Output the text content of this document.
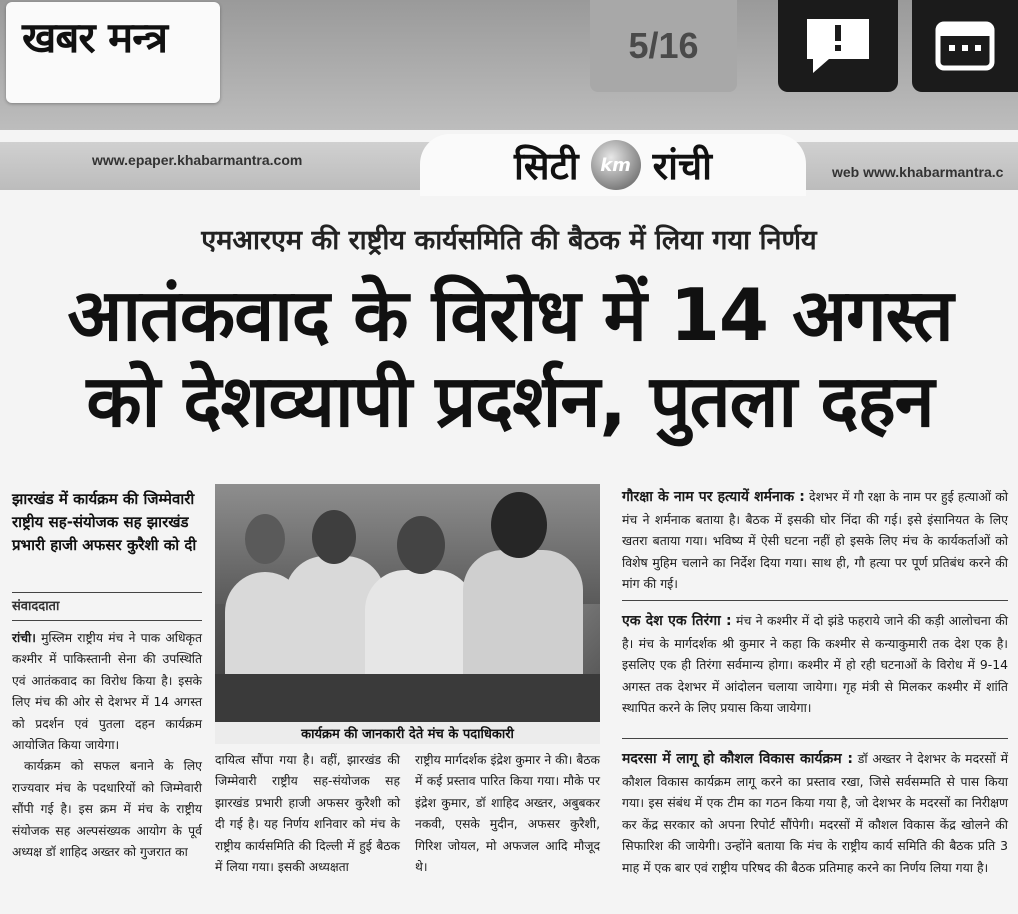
खबर मन्त्र	5/16
www.epaper.khabarmantra.com
web www.khabarmantra.c
सिटी	km रांची
एमआरएम की राष्ट्रीय कार्यसमिति की बैठक में लिया गया निर्णय
आतंकवाद के विरोध में 14 अगस्त
को देशव्यापी प्रदर्शन, पुतला दहन
झारखंड में कार्यक्रम की जिम्मेवारी राष्ट्रीय सह-संयोजक सह झारखंड प्रभारी हाजी अफसर कुरैशी को दी
संवाददाता

रांची। मुस्लिम राष्ट्रीय मंच ने पाक अधिकृत कश्मीर में पाकिस्तानी सेना की उपस्थिति एवं आतंकवाद का विरोध किया है। इसके लिए मंच की ओर से देशभर में 14 अगस्त को प्रदर्शन एवं पुतला दहन कार्यक्रम आयोजित किया जायेगा।

कार्यक्रम को सफल बनाने के लिए राज्यवार मंच के पदधारियों को जिम्मेवारी सौंपी गई है। इस क्रम में मंच के राष्ट्रीय संयोजक सह अल्पसंख्यक आयोग के पूर्व अध्यक्ष डॉ शाहिद अख्तर को गुजरात का

कार्यक्रम की जानकारी देते मंच के पदाधिकारी

दायित्व सौंपा गया है। वहीं, झारखंड की जिम्मेवारी राष्ट्रीय सह-संयोजक सह झारखंड प्रभारी हाजी अफसर कुरैशी को दी गई है। यह निर्णय शनिवार को मंच के राष्ट्रीय कार्यसमिति की दिल्ली में हुई बैठक में लिया गया। इसकी अध्यक्षता

राष्ट्रीय मार्गदर्शक इंद्रेश कुमार ने की। बैठक में कई प्रस्ताव पारित किया गया। मौके पर इंद्रेश कुमार, डॉ शाहिद अख्तर, अबुबकर नकवी, एसके मुदीन, अफसर कुरैशी, गिरिश जोयल, मो अफजल आदि मौजूद थे।

गौरक्षा के नाम पर हत्यायें शर्मनाक : देशभर में गौ रक्षा के नाम पर हुई हत्याओं को मंच ने शर्मनाक बताया है। बैठक में इसकी घोर निंदा की गई। इसे इंसानियत के लिए खतरा बताया गया। भविष्य में ऐसी घटना नहीं हो इसके लिए मंच के कार्यकर्ताओं को विशेष मुहिम चलाने का निर्देश दिया गया। साथ ही, गौ हत्या पर पूर्ण प्रतिबंध करने की मांग की गई।
एक देश एक तिरंगा : मंच ने कश्मीर में दो झंडे फहराये जाने की कड़ी आलोचना की है। मंच के मार्गदर्शक श्री कुमार ने कहा कि कश्मीर से कन्याकुमारी तक देश एक है। इसलिए एक ही तिरंगा सर्वमान्य होगा। कश्मीर में हो रही घटनाओं के विरोध में 9-14 अगस्त तक देशभर में आंदोलन चलाया जायेगा। गृह मंत्री से मिलकर कश्मीर में शांति स्थापित करने के लिए प्रयास किया जायेगा।
मदरसा में लागू हो कौशल विकास कार्यक्रम : डॉ अख्तर ने देशभर के मदरसों में कौशल विकास कार्यक्रम लागू करने का प्रस्ताव रखा, जिसे सर्वसम्मति से पास किया गया। इस संबंध में एक टीम का गठन किया गया है, जो देशभर के मदरसों का निरीक्षण कर केंद्र सरकार को अपना रिपोर्ट सौंपेगी। मदरसों में कौशल विकास केंद्र खोलने की सिफारिश की जायेगी। उन्होंने बताया कि मंच के राष्ट्रीय कार्य समिति की बैठक प्रति 3 माह में एक बार एवं राष्ट्रीय परिषद की बैठक प्रतिमाह करने का निर्णय लिया गया है।
